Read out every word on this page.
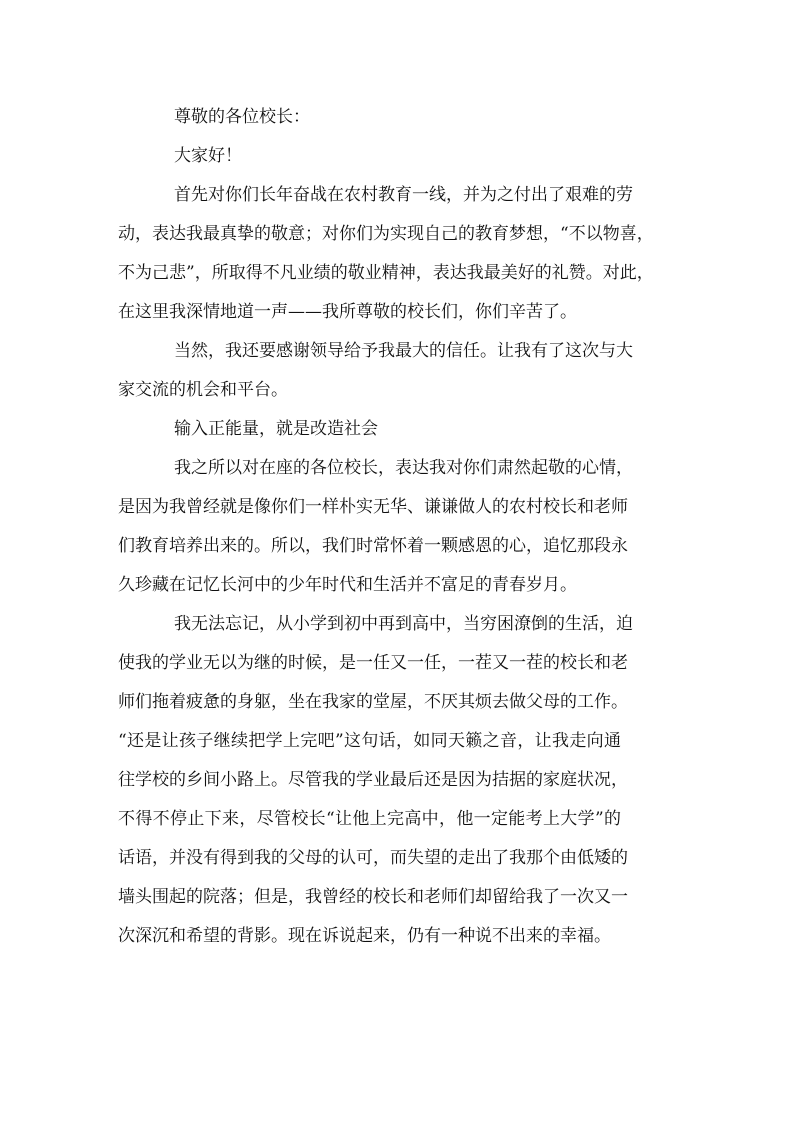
尊敬的各位校长：
大家好！
首先对你们长年奋战在农村教育一线，并为之付出了艰难的劳
动，表达我最真挚的敬意；对你们为实现自己的教育梦想，“不以物喜，
不为己悲”，所取得不凡业绩的敬业精神，表达我最美好的礼赞。对此，
在这里我深情地道一声——我所尊敬的校长们，你们辛苦了。
当然，我还要感谢领导给予我最大的信任。让我有了这次与大
家交流的机会和平台。
输入正能量，就是改造社会
我之所以对在座的各位校长，表达我对你们肃然起敬的心情，
是因为我曾经就是像你们一样朴实无华、谦谦做人的农村校长和老师
们教育培养出来的。所以，我们时常怀着一颗感恩的心，追忆那段永
久珍藏在记忆长河中的少年时代和生活并不富足的青春岁月。
我无法忘记，从小学到初中再到高中，当穷困潦倒的生活，迫
使我的学业无以为继的时候，是一任又一任，一茬又一茬的校长和老
师们拖着疲惫的身躯，坐在我家的堂屋，不厌其烦去做父母的工作。
“还是让孩子继续把学上完吧”这句话，如同天籁之音，让我走向通
往学校的乡间小路上。尽管我的学业最后还是因为拮据的家庭状况，
不得不停止下来，尽管校长“让他上完高中，他一定能考上大学”的
话语，并没有得到我的父母的认可，而失望的走出了我那个由低矮的
墙头围起的院落；但是，我曾经的校长和老师们却留给我了一次又一
次深沉和希望的背影。现在诉说起来，仍有一种说不出来的幸福。
